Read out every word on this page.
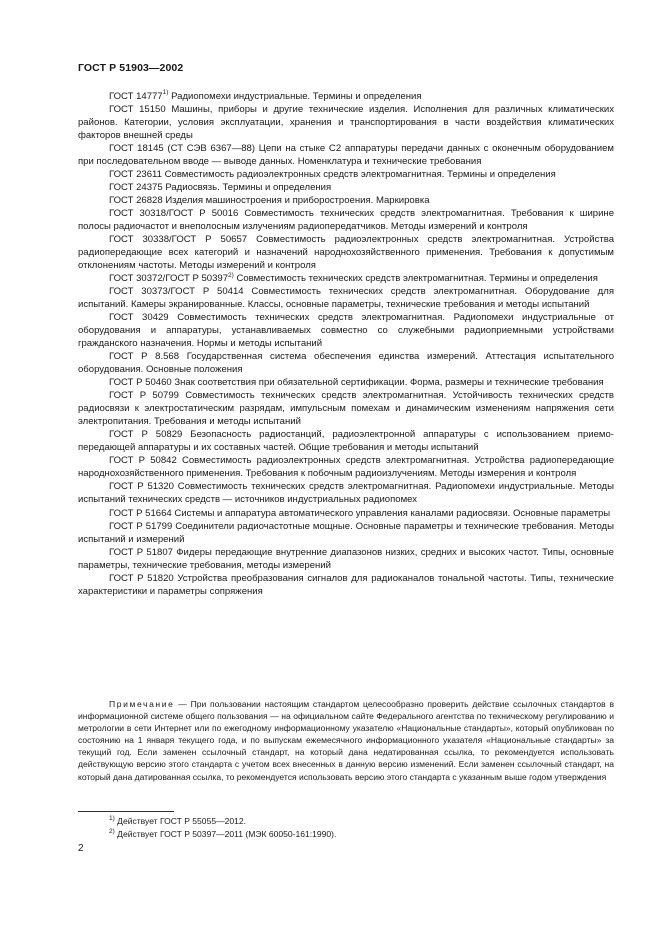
ГОСТ Р 51903—2002

ГОСТ 14777$^{1)}$ Радиопомехи индустриальные. Термины и определения

ГОСТ 15150 Машины, приборы и другие технические изделия. Исполнения для различных климатических районов. Категории, условия эксплуатации, хранения и транспортирования в части воздействия климатических факторов внешней среды

ГОСТ 18145 (СТ СЭВ 6367—88) Цепи на стыке С2 аппаратуры передачи данных с оконечным оборудованием при последовательном вводе — выводе данных. Номенклатура и технические требования

ГОСТ 23611 Совместимость радиоэлектронных средств электромагнитная. Термины и определения

ГОСТ 24375 Радиосвязь. Термины и определения

ГОСТ 26828 Изделия машиностроения и приборостроения. Маркировка

ГОСТ 30318/ГОСТ Р 50016 Совместимость технических средств электромагнитная. Требования к ширине полосы радиочастот и внеполосным излучениям радиопередатчиков. Методы измерений и контроля

ГОСТ 30338/ГОСТ Р 50657 Совместимость радиоэлектронных средств электромагнитная. Устройства радиопередающие всех категорий и назначений народнохозяйственного применения. Требования к допустимым отклонениям частоты. Методы измерений и контроля

ГОСТ 30372/ГОСТ Р 50397$^{2)}$ Совместимость технических средств электромагнитная. Термины и определения

ГОСТ 30373/ГОСТ Р 50414 Совместимость технических средств электромагнитная. Оборудование для испытаний. Камеры экранированные. Классы, основные параметры, технические требования и методы испытаний

ГОСТ 30429 Совместимость технических средств электромагнитная. Радиопомехи индустриальные от оборудования и аппаратуры, устанавливаемых совместно со служебными радиоприемными устройствами гражданского назначения. Нормы и методы испытаний

ГОСТ Р 8.568 Государственная система обеспечения единства измерений. Аттестация испытательного оборудования. Основные положения

ГОСТ Р 50460 Знак соответствия при обязательной сертификации. Форма, размеры и технические требования

ГОСТ Р 50799 Совместимость технических средств электромагнитная. Устойчивость технических средств радиосвязи к электростатическим разрядам, импульсным помехам и динамическим изменениям напряжения сети электропитания. Требования и методы испытаний

ГОСТ Р 50829 Безопасность радиостанций, радиоэлектронной аппаратуры с использованием приемо-передающей аппаратуры и их составных частей. Общие требования и методы испытаний

ГОСТ Р 50842 Совместимость радиоэлектронных средств электромагнитная. Устройства радиопередающие народнохозяйственного применения. Требования к побочным радиоизлучениям. Методы измерения и контроля

ГОСТ Р 51320 Совместимость технических средств электромагнитная. Радиопомехи индустриальные. Методы испытаний технических средств — источников индустриальных радиопомех

ГОСТ Р 51664 Системы и аппаратура автоматического управления каналами радиосвязи. Основные параметры

ГОСТ Р 51799 Соединители радиочастотные мощные. Основные параметры и технические требования. Методы испытаний и измерений

ГОСТ Р 51807 Фидеры передающие внутренние диапазонов низких, средних и высоких частот. Типы, основные параметры, технические требования, методы измерений

ГОСТ Р 51820 Устройства преобразования сигналов для радиоканалов тональной частоты. Типы, технические характеристики и параметры сопряжения

Примечание — При пользовании настоящим стандартом целесообразно проверить действие ссылочных стандартов в информационной системе общего пользования — на официальном сайте Федерального агентства по техническому регулированию и метрологии в сети Интернет или по ежегодному информационному указателю «Национальные стандарты», который опубликован по состоянию на 1 января текущего года, и по выпускам ежемесячного информационного указателя «Национальные стандарты» за текущий год. Если заменен ссылочный стандарт, на который дана недатированная ссылка, то рекомендуется использовать действующую версию этого стандарта с учетом всех внесенных в данную версию изменений. Если заменен ссылочный стандарт, на который дана датированная ссылка, то рекомендуется использовать версию этого стандарта с указанным выше годом утверждения
$^{1)}$ Действует ГОСТ Р 55055—2012.
$^{2)}$ Действует ГОСТ Р 50397—2011 (МЭК 60050-161:1990).
2
